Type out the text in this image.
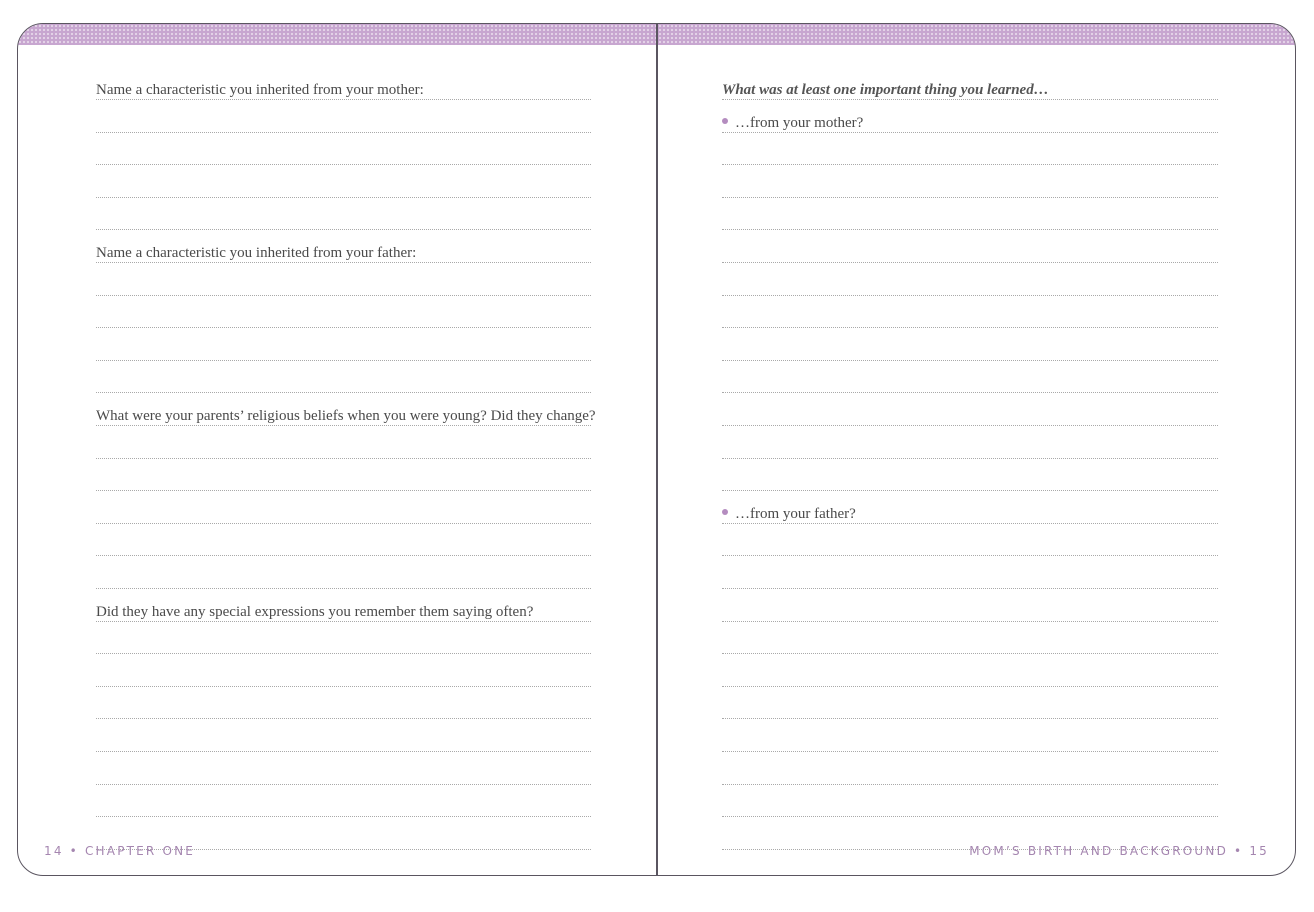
Name a characteristic you inherited from your mother:
Name a characteristic you inherited from your father:
What were your parents’ religious beliefs when you were young? Did they change?
Did they have any special expressions you remember them saying often?
What was at least one important thing you learned…
…from your mother?
…from your father?
14 • CHAPTER ONE	MOM’S BIRTH AND BACKGROUND • 15
